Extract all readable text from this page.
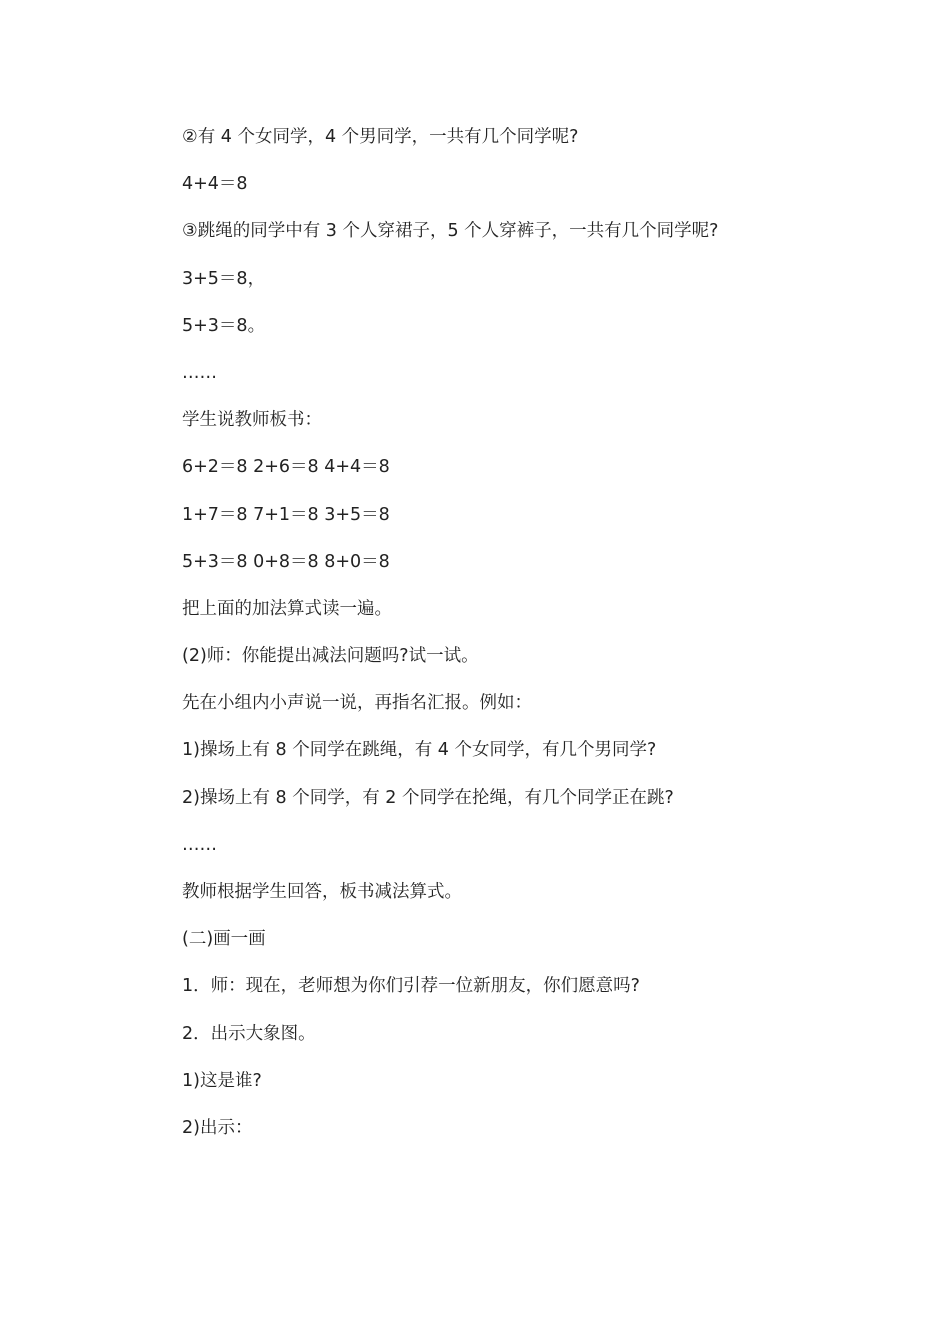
②有 4 个女同学，4 个男同学，一共有几个同学呢?
4+4＝8
③跳绳的同学中有 3 个人穿裙子，5 个人穿裤子，一共有几个同学呢?
3+5＝8，
5+3＝8。
……
学生说教师板书：
6+2＝8 2+6＝8 4+4＝8
1+7＝8 7+1＝8 3+5＝8
5+3＝8 0+8＝8 8+0＝8
把上面的加法算式读一遍。
(2)师：你能提出减法问题吗?试一试。
先在小组内小声说一说，再指名汇报。例如：
1)操场上有 8 个同学在跳绳，有 4 个女同学，有几个男同学?
2)操场上有 8 个同学，有 2 个同学在抡绳，有几个同学正在跳?
……
教师根据学生回答，板书减法算式。
(二)画一画
1．师：现在，老师想为你们引荐一位新朋友，你们愿意吗?
2．出示大象图。
1)这是谁?
2)出示：
